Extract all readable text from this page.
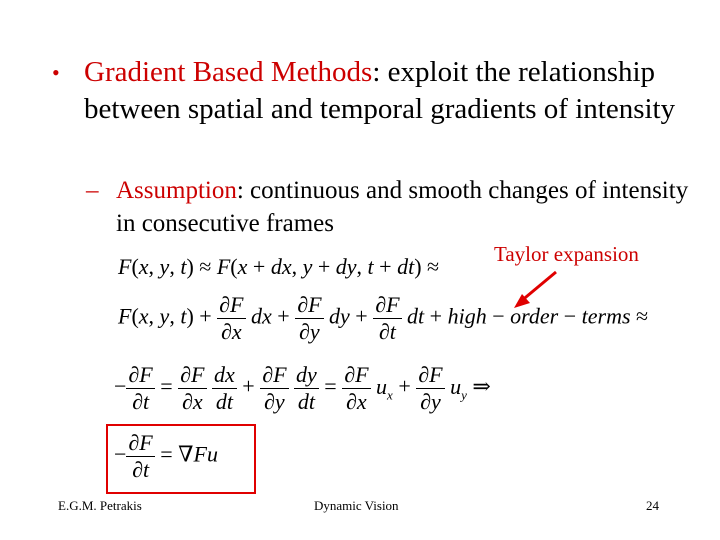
• Gradient Based Methods: exploit the relationship between spatial and temporal gradients of intensity
– Assumption: continuous and smooth changes of intensity in consecutive frames
Taylor expansion
F(x, y, t) ≈ F(x + dx, y + dy, t + dt) ≈
F(x, y, $t) + \frac{\partial F}{\partial x}$ dx + $\frac{\partial F}{\partial y}$ dy + $\frac{\partial F}{\partial t}$ dt + high − order − terms ≈
− $\frac{\partial F}{\partial t} = \frac{\partial F}{\partial x}$
$\frac{dx}{dt} + \frac{\partial F}{\partial y}$
$\frac{dy}{dt} = \frac{\partial F}{\partial x} u_x + \frac{\partial F}{\partial y} u_y$ ⇒
− $\frac{\partial F}{\partial t} = \nabla Fu$
E.G.M. Petrakis	Dynamic Vision	24
